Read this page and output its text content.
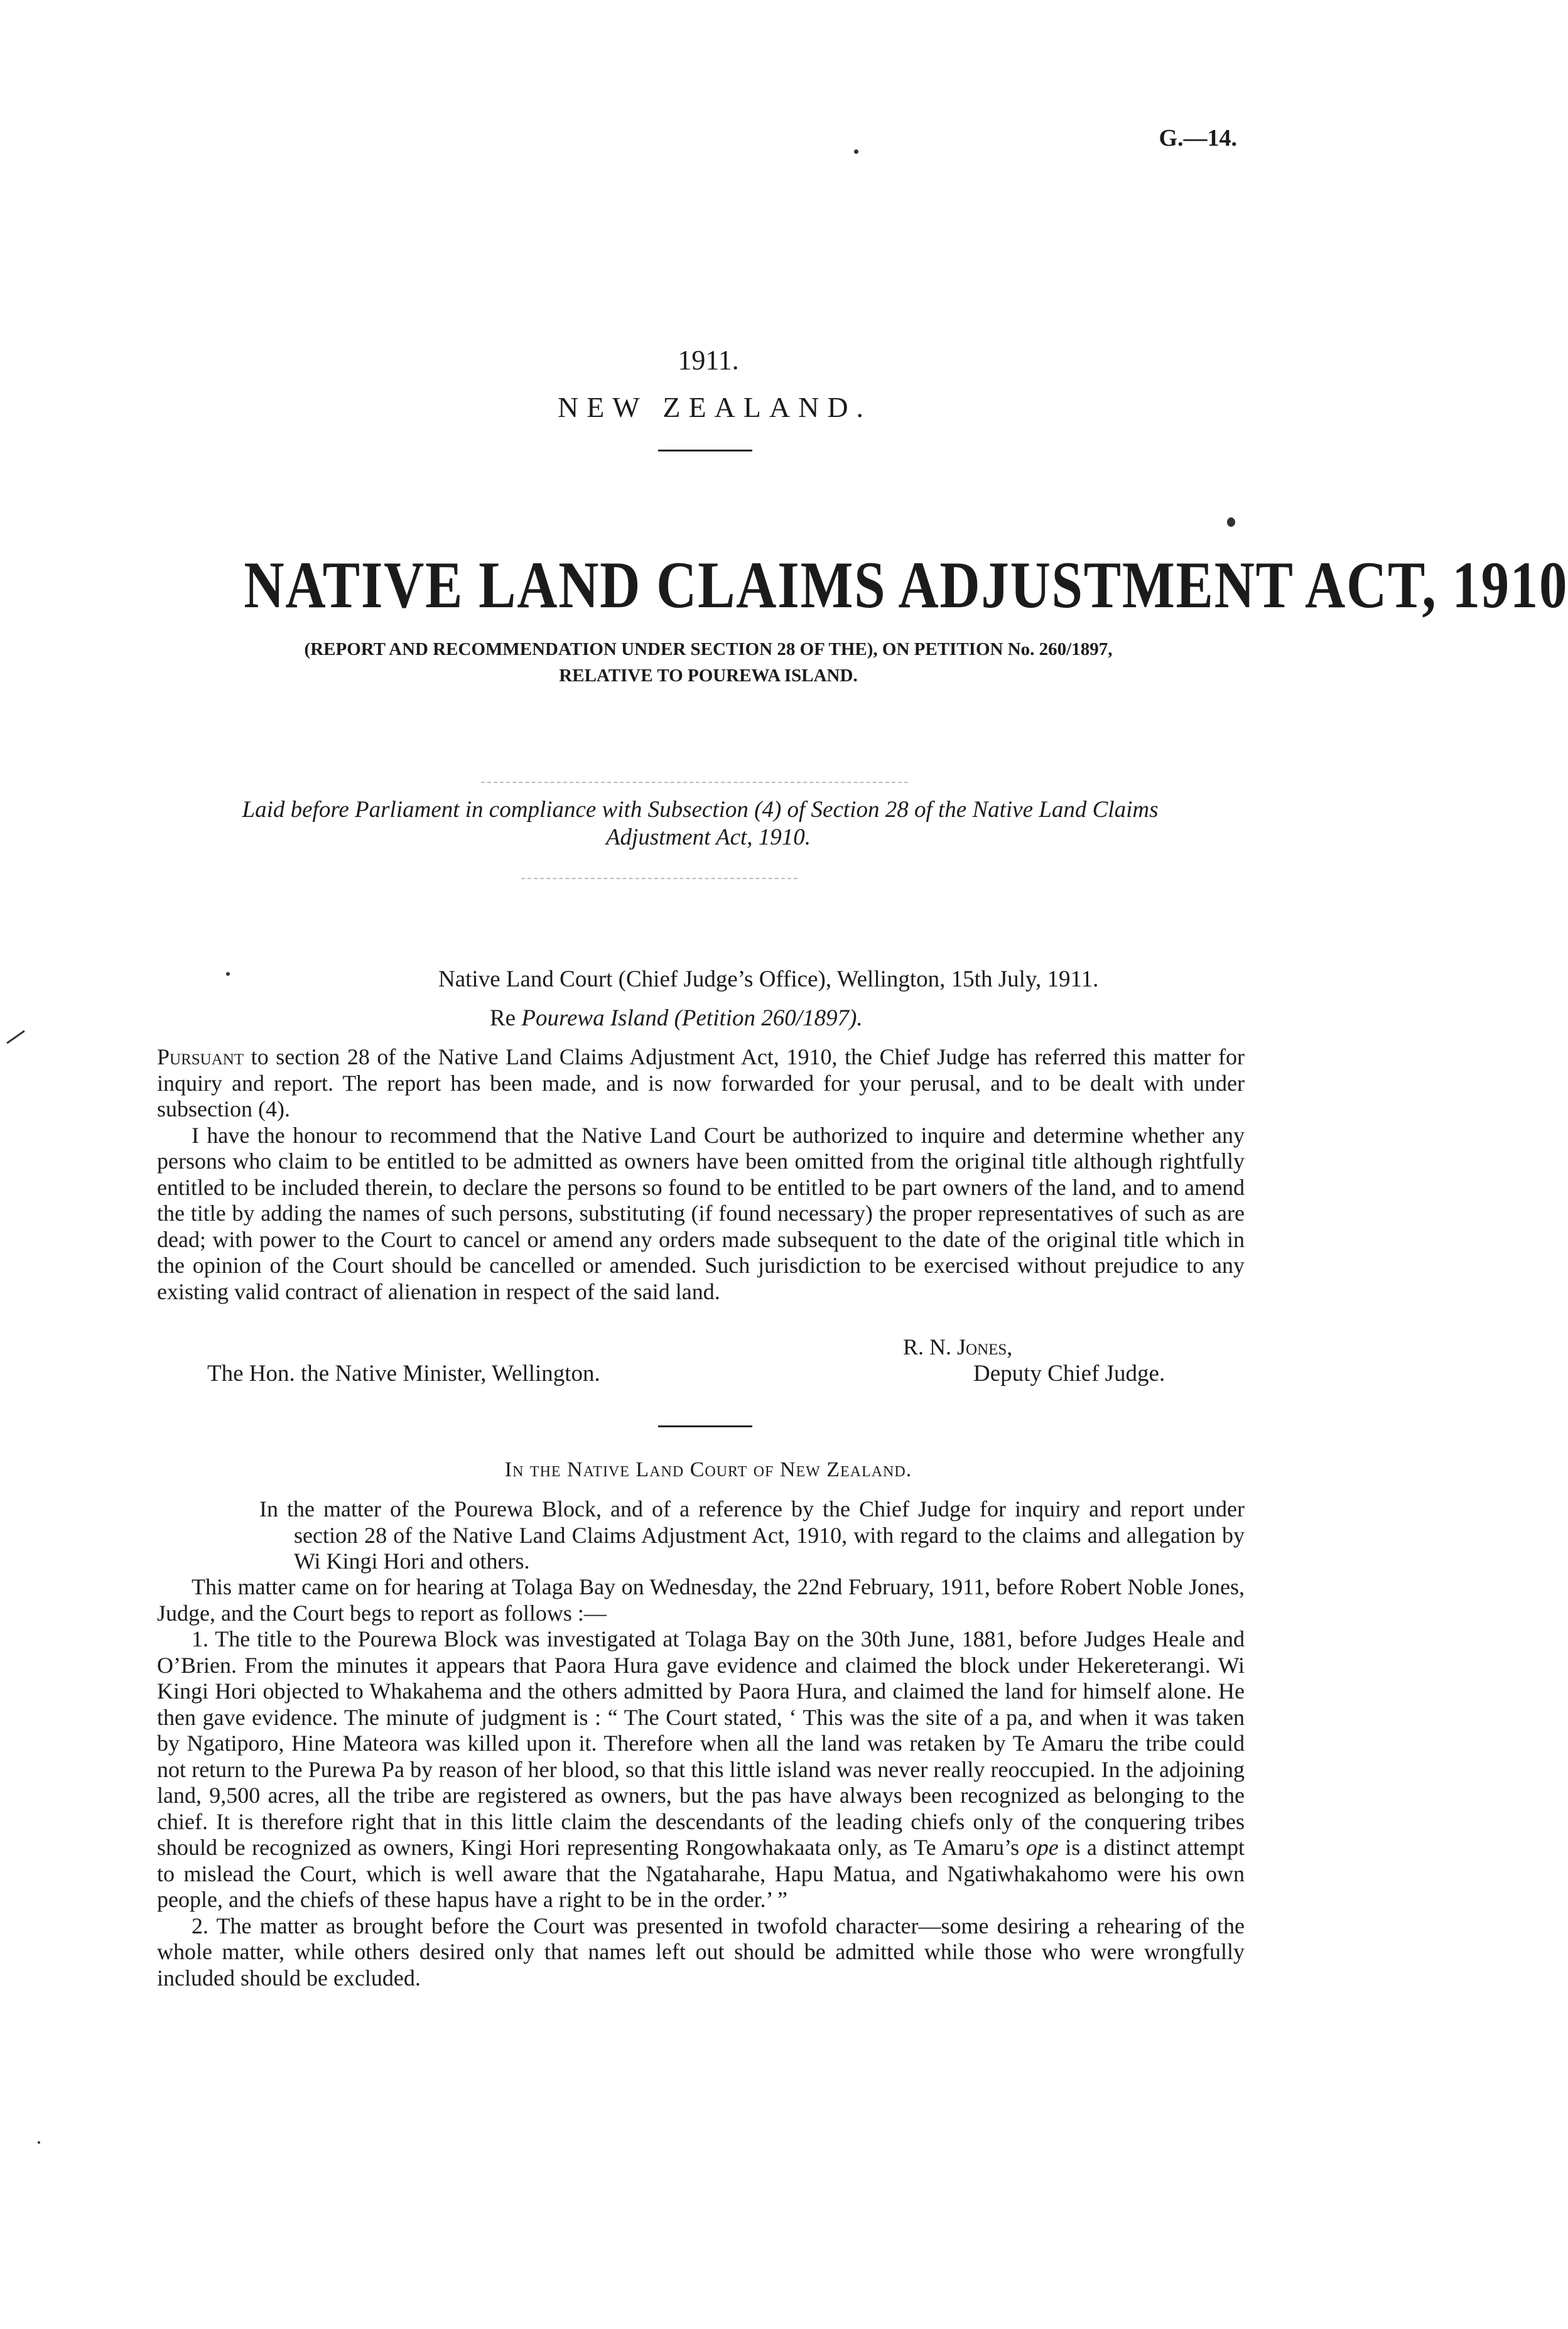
G.—14.
1911.
NEW ZEALAND.
NATIVE LAND CLAIMS ADJUSTMENT ACT, 1910
(REPORT AND RECOMMENDATION UNDER SECTION 28 OF THE), ON PETITION No. 260/1897,
RELATIVE TO POUREWA ISLAND.
Laid before Parliament in compliance with Subsection (4) of Section 28 of the Native Land Claims
Adjustment Act, 1910.
Native Land Court (Chief Judge’s Office), Wellington, 15th July, 1911.
Re Pourewa Island (Petition 260/1897).

Pursuant to section 28 of the Native Land Claims Adjustment Act, 1910, the Chief Judge has referred this matter for inquiry and report. The report has been made, and is now forwarded for your perusal, and to be dealt with under subsection (4).

I have the honour to recommend that the Native Land Court be authorized to inquire and determine whether any persons who claim to be entitled to be admitted as owners have been omitted from the original title although rightfully entitled to be included therein, to declare the persons so found to be entitled to be part owners of the land, and to amend the title by adding the names of such persons, substituting (if found necessary) the proper representatives of such as are dead; with power to the Court to cancel or amend any orders made subsequent to the date of the original title which in the opinion of the Court should be cancelled or amended. Such jurisdiction to be exercised without prejudice to any existing valid contract of alienation in respect of the said land.

R. N. Jones,
The Hon. the Native Minister, Wellington.	Deputy Chief Judge.
In the Native Land Court of New Zealand.
In the matter of the Pourewa Block, and of a reference by the Chief Judge for inquiry and report under section 28 of the Native Land Claims Adjustment Act, 1910, with regard to the claims and allegation by Wi Kingi Hori and others.

This matter came on for hearing at Tolaga Bay on Wednesday, the 22nd February, 1911, before Robert Noble Jones, Judge, and the Court begs to report as follows :—

1. The title to the Pourewa Block was investigated at Tolaga Bay on the 30th June, 1881, before Judges Heale and O’Brien. From the minutes it appears that Paora Hura gave evidence and claimed the block under Hekereterangi. Wi Kingi Hori objected to Whakahema and the others admitted by Paora Hura, and claimed the land for himself alone. He then gave evidence. The minute of judgment is : “ The Court stated, ‘ This was the site of a pa, and when it was taken by Ngatiporo, Hine Mateora was killed upon it. Therefore when all the land was retaken by Te Amaru the tribe could not return to the Purewa Pa by reason of her blood, so that this little island was never really reoccupied. In the adjoining land, 9,500 acres, all the tribe are registered as owners, but the pas have always been recognized as belonging to the chief. It is therefore right that in this little claim the descendants of the leading chiefs only of the conquering tribes should be recognized as owners, Kingi Hori representing Rongowhakaata only, as Te Amaru’s ope is a distinct attempt to mislead the Court, which is well aware that the Ngataharahe, Hapu Matua, and Ngatiwhakahomo were his own people, and the chiefs of these hapus have a right to be in the order.’ ”

2. The matter as brought before the Court was presented in twofold character—some desiring a rehearing of the whole matter, while others desired only that names left out should be admitted while those who were wrongfully included should be excluded.
